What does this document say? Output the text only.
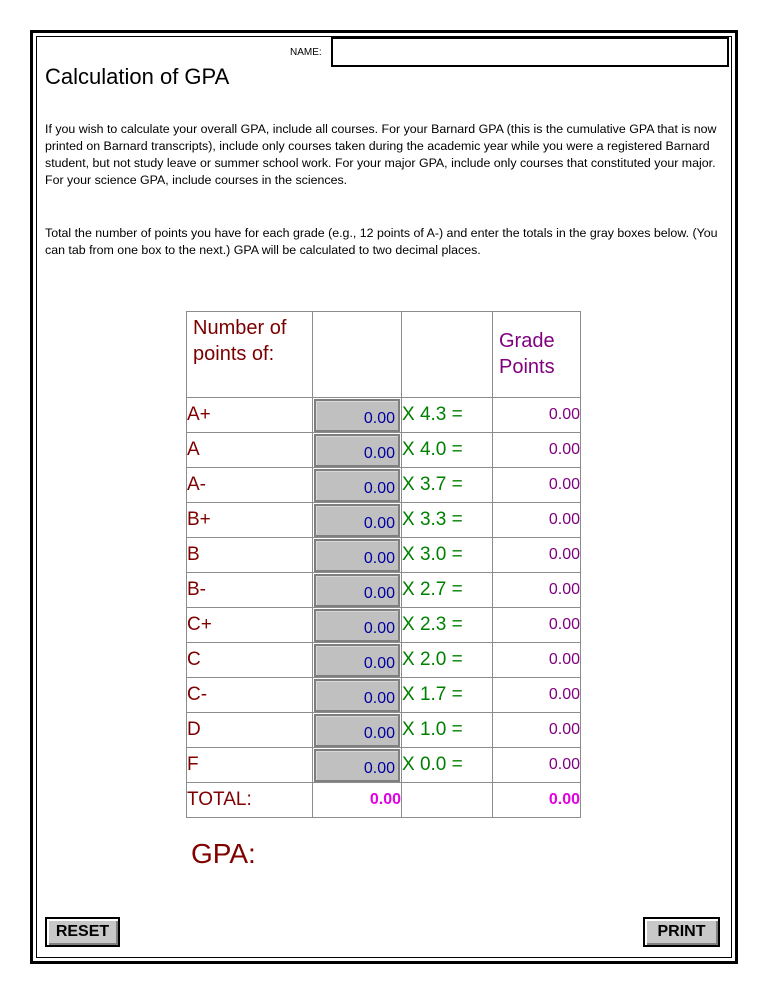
NAME:
Calculation of GPA

If you wish to calculate your overall GPA, include all courses. For your Barnard GPA (this is the cumulative GPA that is now printed on Barnard transcripts), include only courses taken during the academic year while you were a registered Barnard student, but not study leave or summer school work. For your major GPA, include only courses that constituted your major. For your science GPA, include courses in the sciences.

Total the number of points you have for each grade (e.g., 12 points of A-) and enter the totals in the gray boxes below. (You can tab from one box to the next.) GPA will be calculated to two decimal places.

Number of points of:			Grade Points

A+	0.00	X 4.3 =	0.00
A	0.00	X 4.0 =	0.00
A-	0.00	X 3.7 =	0.00
B+	0.00	X 3.3 =	0.00
B	0.00	X 3.0 =	0.00
B-	0.00	X 2.7 =	0.00
C+	0.00	X 2.3 =	0.00
C	0.00	X 2.0 =	0.00
C-	0.00	X 1.7 =	0.00
D	0.00	X 1.0 =	0.00
F	0.00	X 0.0 =	0.00
TOTAL:	0.00		0.00
GPA:
RESET	PRINT
